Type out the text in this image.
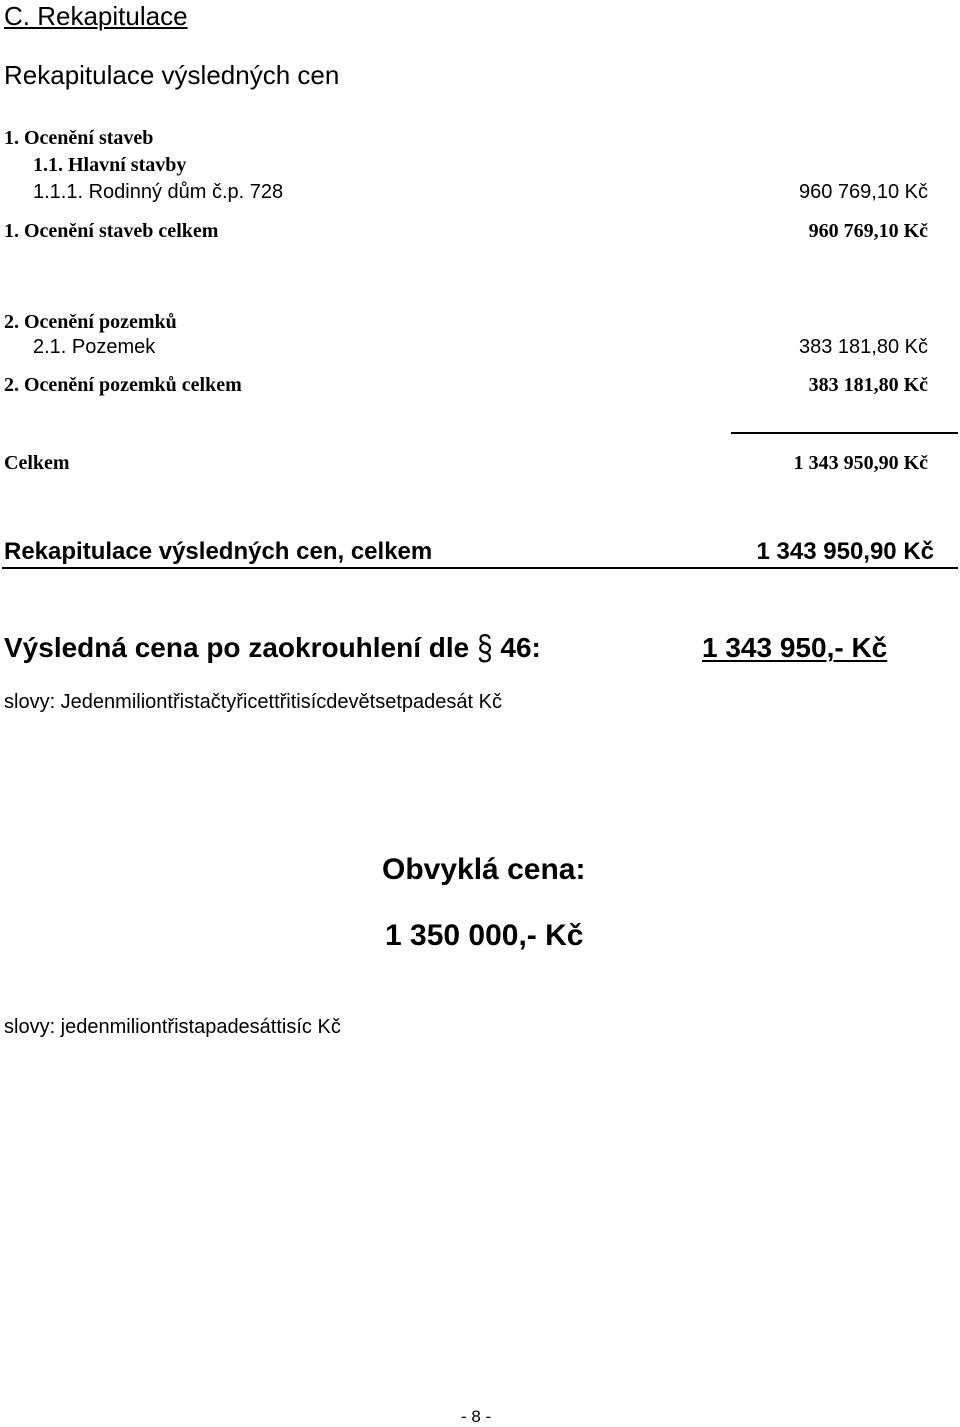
C. Rekapitulace
Rekapitulace výsledných cen
1. Ocenění staveb
1.1. Hlavní stavby
1.1.1. Rodinný dům č.p. 728	960 769,10 Kč
1. Ocenění staveb celkem	960 769,10 Kč
2. Ocenění pozemků
2.1. Pozemek	383 181,80 Kč
2. Ocenění pozemků celkem	383 181,80 Kč
Celkem	1 343 950,90 Kč
Rekapitulace výsledných cen, celkem	1 343 950,90 Kč
Výsledná cena po zaokrouhlení dle § 46:	1 343 950,- Kč
slovy: Jedenmiliontřistačtyřicettřitisícdevětsetpadesát Kč
Obvyklá cena:
1 350 000,- Kč
slovy: jedenmiliontřistapadesáttisíc Kč
- 8 -
